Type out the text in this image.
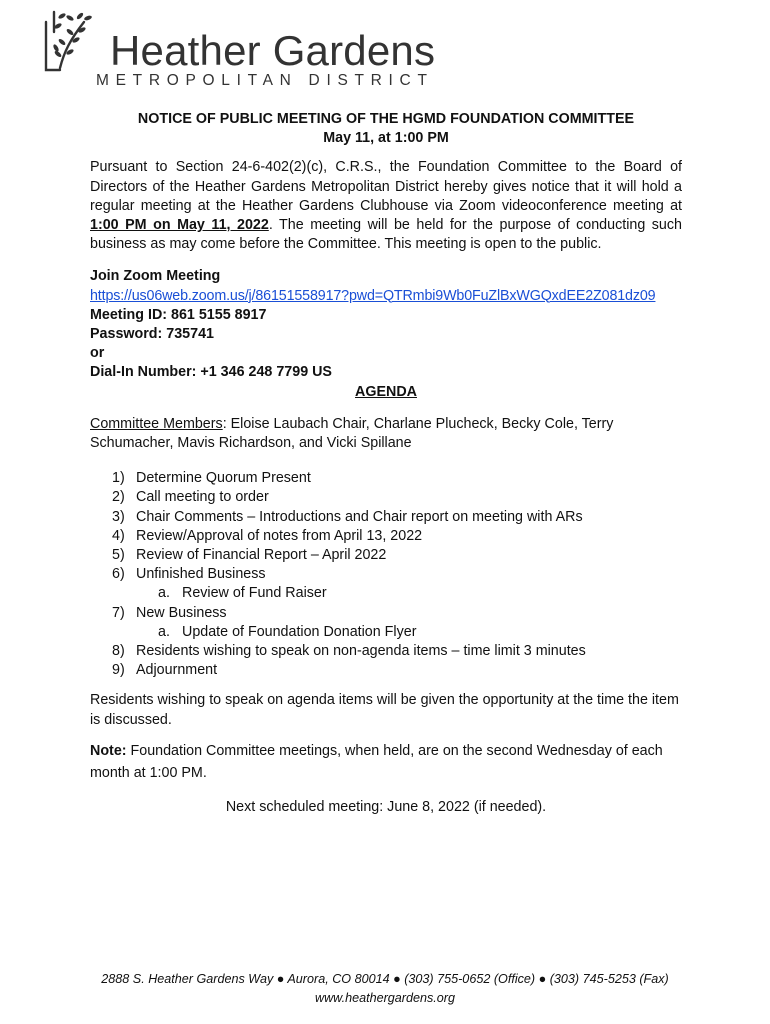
Heather Gardens
METROPOLITAN DISTRICT

NOTICE OF PUBLIC MEETING OF THE HGMD FOUNDATION COMMITTEE

May 11, at 1:00 PM

Pursuant to Section 24-6-402(2)(c), C.R.S., the Foundation Committee to the Board of Directors of the Heather Gardens Metropolitan District hereby gives notice that it will hold a regular meeting at the Heather Gardens Clubhouse via Zoom videoconference meeting at 1:00 PM on May 11, 2022. The meeting will be held for the purpose of conducting such business as may come before the Committee. This meeting is open to the public.

Join Zoom Meeting
https://us06web.zoom.us/j/86151558917?pwd=QTRmbi9Wb0FuZlBxWGQxdEE2Z081dz09
Meeting ID: 861 5155 8917
Password: 735741
or
Dial-In Number: +1 346 248 7799 US

AGENDA

Committee Members: Eloise Laubach Chair, Charlane Plucheck, Becky Cole, Terry Schumacher, Mavis Richardson, and Vicki Spillane

1) Determine Quorum Present
2) Call meeting to order
3) Chair Comments – Introductions and Chair report on meeting with ARs
4) Review/Approval of notes from April 13, 2022
5) Review of Financial Report – April 2022
6) Unfinished Business
a. Review of Fund Raiser
7) New Business
a. Update of Foundation Donation Flyer
8) Residents wishing to speak on non-agenda items – time limit 3 minutes
9) Adjournment

Residents wishing to speak on agenda items will be given the opportunity at the time the item is discussed.

Note: Foundation Committee meetings, when held, are on the second Wednesday of each month at 1:00 PM.

Next scheduled meeting: June 8, 2022 (if needed).

2888 S. Heather Gardens Way ● Aurora, CO 80014 ● (303) 755-0652 (Office) ● (303) 745-5253 (Fax)
www.heathergardens.org
